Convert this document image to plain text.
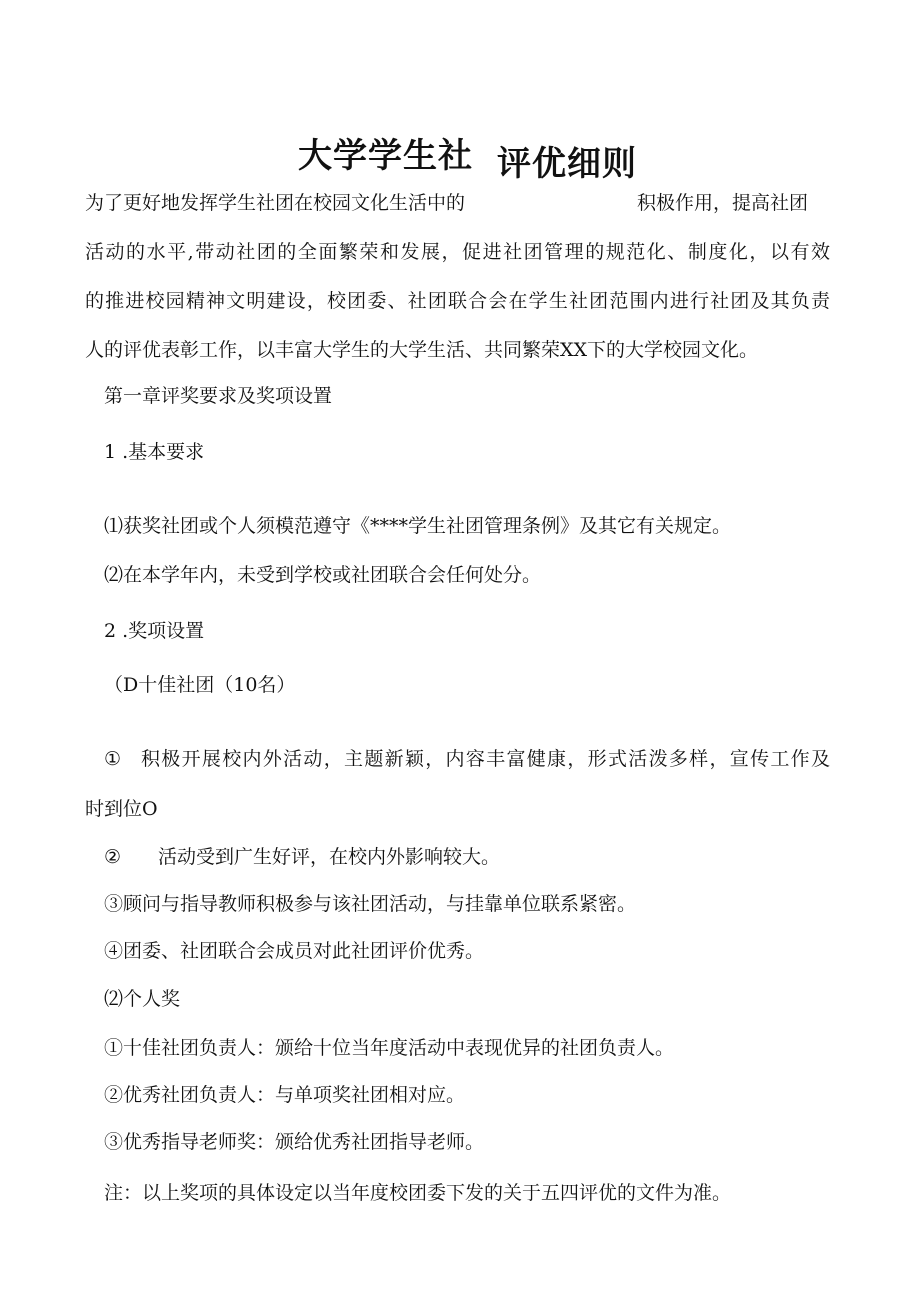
大学学生社 评优细则
为了更好地发挥学生社团在校园文化生活中的	积极作用，提高社团
活动的水平,带动社团的全面繁荣和发展，促进社团管理的规范化、制度化，以有效
的推进校园精神文明建设，校团委、社团联合会在学生社团范围内进行社团及其负责
人的评优表彰工作，以丰富大学生的大学生活、共同繁荣XX下的大学校园文化。
第一章评奖要求及奖项设置
1 .基本要求
⑴获奖社团或个人须模范遵守《****学生社团管理条例》及其它有关规定。
⑵在本学年内，未受到学校或社团联合会任何处分。
2 .奖项设置
（D十佳社团（10名）
① 积极开展校内外活动，主题新颖，内容丰富健康，形式活泼多样，宣传工作及
时到位O
② 活动受到广生好评，在校内外影响较大。
③顾问与指导教师积极参与该社团活动，与挂靠单位联系紧密。
④团委、社团联合会成员对此社团评价优秀。
⑵个人奖
①十佳社团负责人：颁给十位当年度活动中表现优异的社团负责人。
②优秀社团负责人：与单项奖社团相对应。
③优秀指导老师奖：颁给优秀社团指导老师。
注：以上奖项的具体设定以当年度校团委下发的关于五四评优的文件为准。
